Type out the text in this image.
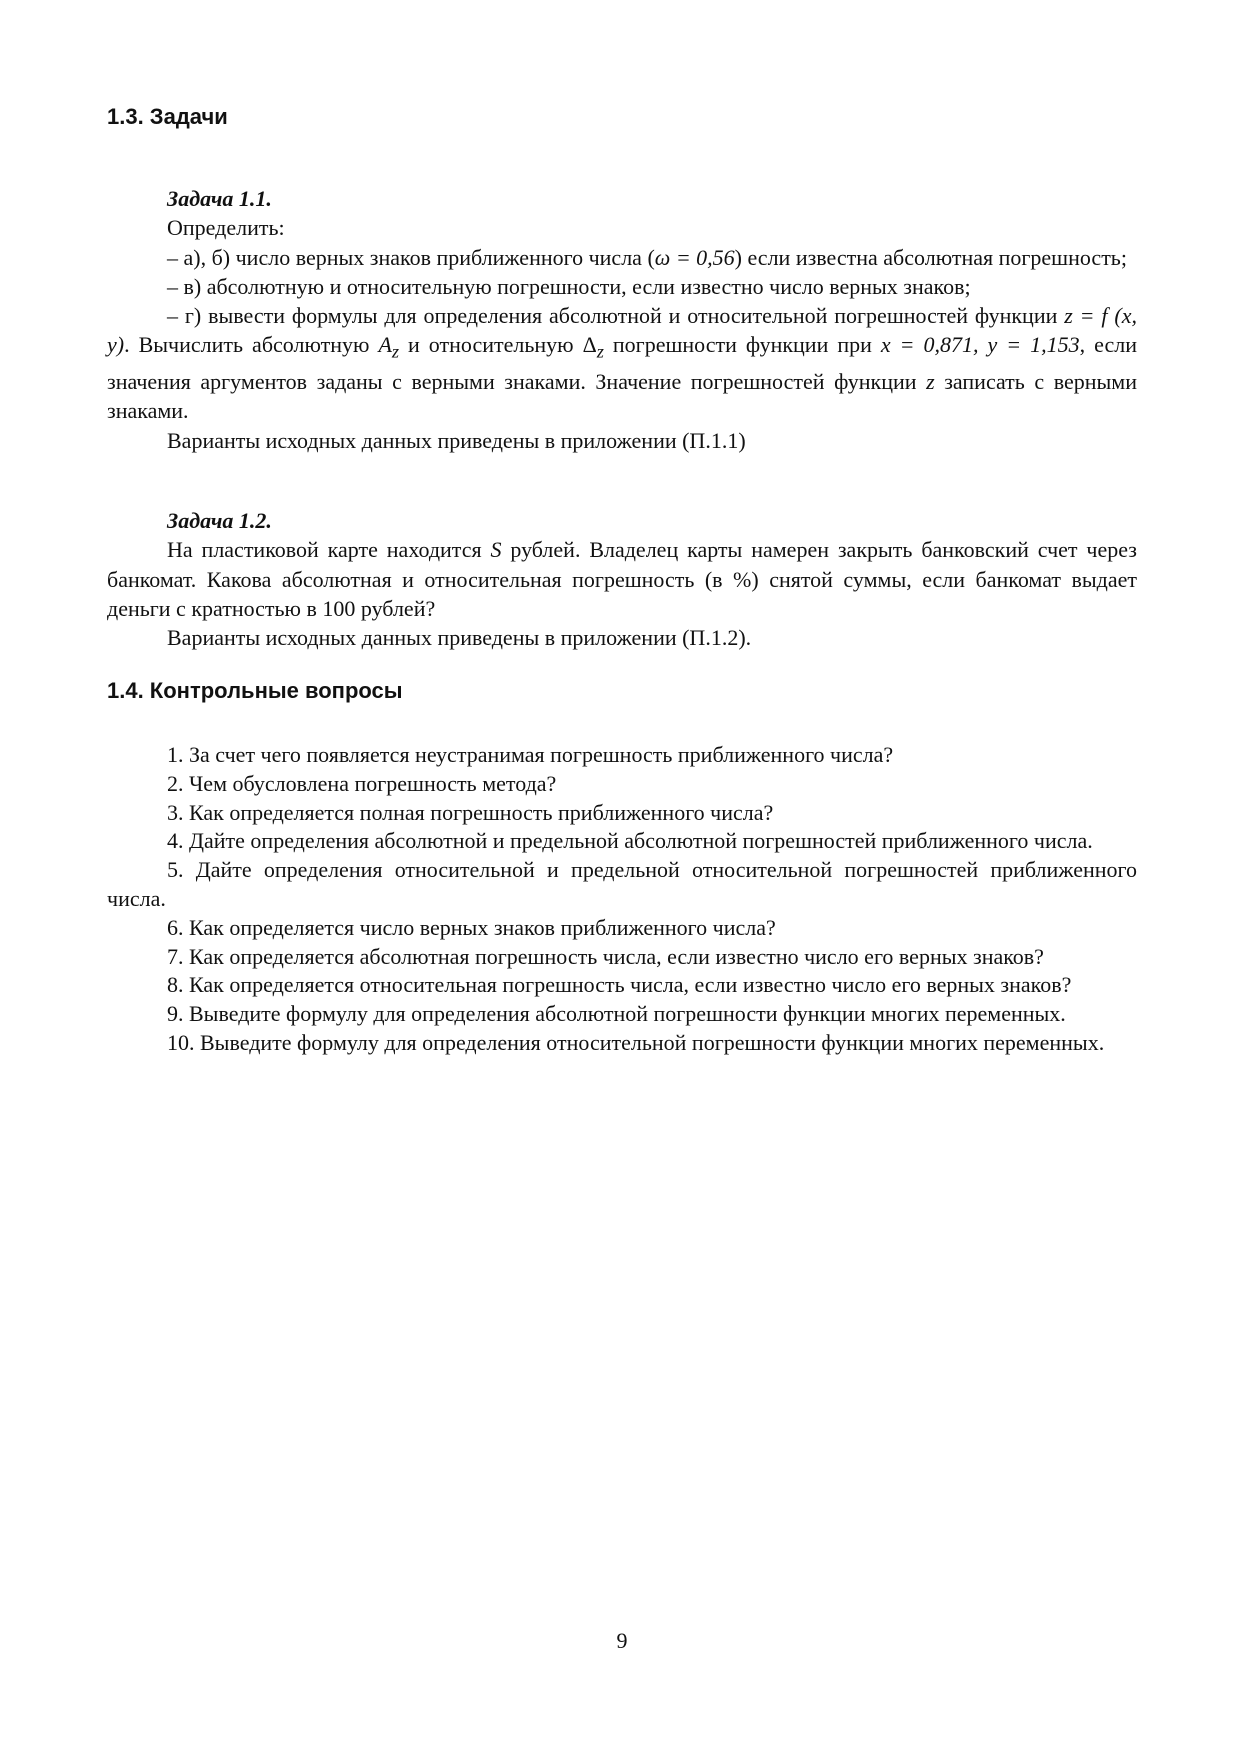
1.3. Задачи

Задача 1.1.

Определить:

– а), б) число верных знаков приближенного числа (ω = 0,56) если известна абсолютная погрешность;

– в) абсолютную и относительную погрешности, если известно число верных знаков;

– г) вывести формулы для определения абсолютной и относительной погрешностей функции z = f (x, y). Вычислить абсолютную $A_z$ и относительную $\Delta_z$ погрешности функции при x = 0,871, y = 1,153, если значения аргументов заданы с верными знаками. Значение погрешностей функции z записать с верными знаками.

Варианты исходных данных приведены в приложении (П.1.1)

Задача 1.2.

На пластиковой карте находится S рублей. Владелец карты намерен закрыть банковский счет через банкомат. Какова абсолютная и относительная погрешность (в %) снятой суммы, если банкомат выдает деньги с кратностью в 100 рублей?

Варианты исходных данных приведены в приложении (П.1.2).

1.4. Контрольные вопросы

1. За счет чего появляется неустранимая погрешность приближенного числа?

2. Чем обусловлена погрешность метода?

3. Как определяется полная погрешность приближенного числа?

4. Дайте определения абсолютной и предельной абсолютной погрешностей приближенного числа.

5. Дайте определения относительной и предельной относительной погрешностей приближенного числа.

6. Как определяется число верных знаков приближенного числа?

7. Как определяется абсолютная погрешность числа, если известно число его верных знаков?

8. Как определяется относительная погрешность числа, если известно число его верных знаков?

9. Выведите формулу для определения абсолютной погрешности функции многих переменных.

10. Выведите формулу для определения относительной погрешности функции многих переменных.

9
